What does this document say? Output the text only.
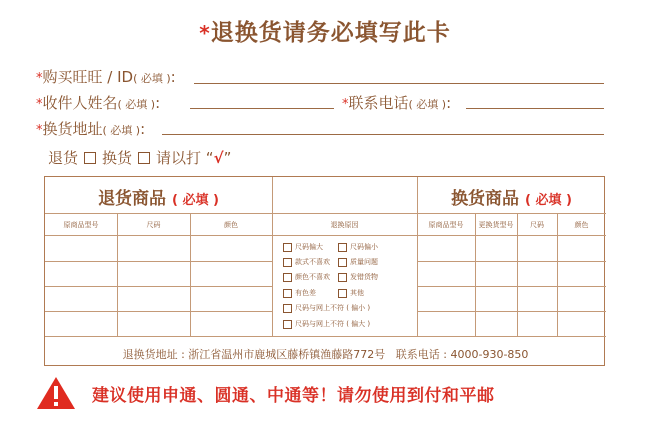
*退换货请务必填写此卡
*购买旺旺 / ID( 必填 ):
*收件人姓名( 必填 ):	*联系电话( 必填 ):
*换货地址( 必填 ):
退货 换货 请以打 “√”
退货商品 ( 必填 )	换货商品 ( 必填 )
原商品型号	尺码	颜色	退换原因	原商品型号	更换货型号	尺码	颜色
尺码偏大	尺码偏小
款式不喜欢	质量问题
颜色不喜欢	发错货物
有色差	其他
尺码与网上不符 ( 偏小 )
尺码与网上不符 ( 偏大 )
退换货地址 : 浙江省温州市鹿城区藤桥镇渔藤路772号 联系电话 : 4000-930-850
建议使用申通、圆通、中通等！请勿使用到付和平邮
